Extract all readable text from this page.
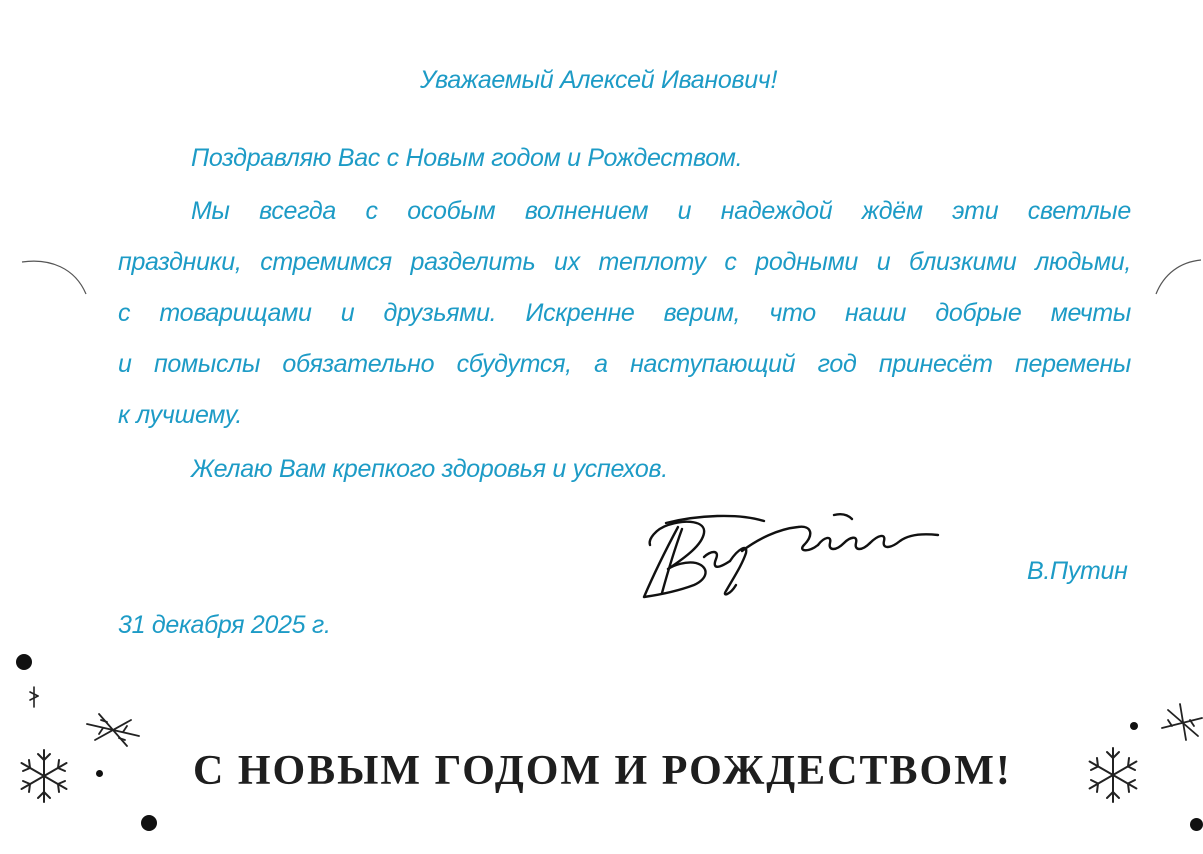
Уважаемый Алексей Иванович!
Поздравляю Вас с Новым годом и Рождеством.
Мы всегда с особым волнением и надеждой ждём эти светлые
праздники, стремимся разделить их теплоту с родными и близкими людьми,
с товарищами и друзьями. Искренне верим, что наши добрые мечты
и помыслы обязательно сбудутся, а наступающий год принесёт перемены
к лучшему.
Желаю Вам крепкого здоровья и успехов.
В.Путин
31 декабря 2025 г.
С НОВЫМ ГОДОМ И РОЖДЕСТВОМ!
